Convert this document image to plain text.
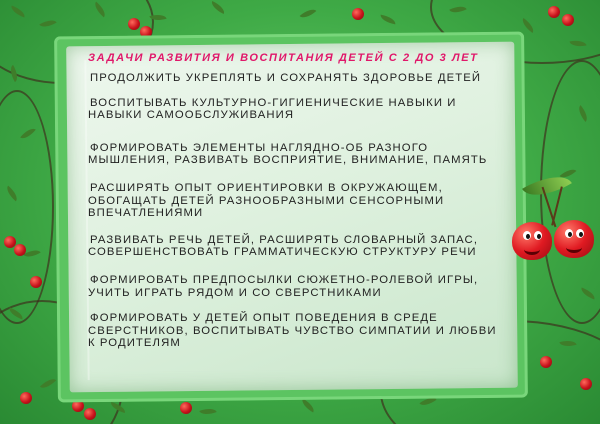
ЗАДАЧИ РАЗВИТИЯ И ВОСПИТАНИЯ ДЕТЕЙ С 2 ДО 3 ЛЕТ
ПРОДОЛЖИТЬ УКРЕПЛЯТЬ И СОХРАНЯТЬ ЗДОРОВЬЕ ДЕТЕЙ
ВОСПИТЫВАТЬ КУЛЬТУРНО-ГИГИЕНИЧЕСКИЕ НАВЫКИ И НАВЫКИ САМООБСЛУЖИВАНИЯ
ФОРМИРОВАТЬ ЭЛЕМЕНТЫ НАГЛЯДНО-ОБ РАЗНОГО МЫШЛЕНИЯ, РАЗВИВАТЬ ВОСПРИЯТИЕ, ВНИМАНИЕ, ПАМЯТЬ
РАСШИРЯТЬ ОПЫТ ОРИЕНТИРОВКИ В ОКРУЖАЮЩЕМ, ОБОГАЩАТЬ ДЕТЕЙ РАЗНООБРАЗНЫМИ СЕНСОРНЫМИ ВПЕЧАТЛЕНИЯМИ
РАЗВИВАТЬ РЕЧЬ ДЕТЕЙ, РАСШИРЯТЬ СЛОВАРНЫЙ ЗАПАС, СОВЕРШЕНСТВОВАТЬ ГРАММАТИЧЕСКУЮ СТРУКТУРУ РЕЧИ
ФОРМИРОВАТЬ ПРЕДПОСЫЛКИ СЮЖЕТНО-РОЛЕВОЙ ИГРЫ, УЧИТЬ ИГРАТЬ РЯДОМ И СО СВЕРСТНИКАМИ
ФОРМИРОВАТЬ У ДЕТЕЙ ОПЫТ ПОВЕДЕНИЯ В СРЕДЕ СВЕРСТНИКОВ, ВОСПИТЫВАТЬ ЧУВСТВО СИМПАТИИ И ЛЮБВИ К РОДИТЕЛЯМ
